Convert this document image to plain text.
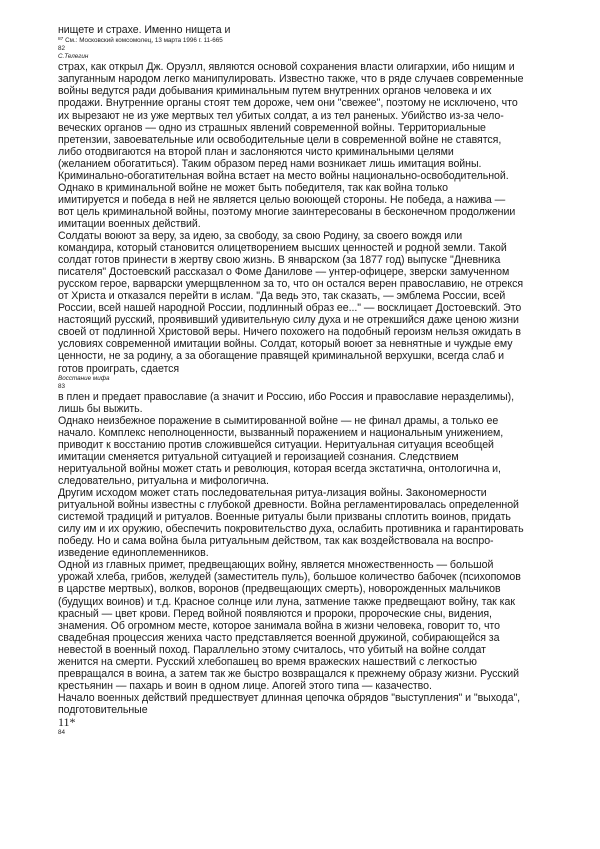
нищете и страхе. Именно нищета и
$^{87}$ См.: Московский комсомолец, 13 марта 1996 г. 11-665
82
С.Телегин
страх, как открыл Дж. Оруэлл, являются основой сохранения власти олигархии, ибо нищим и
запуганным народом легко манипулировать. Известно также, что в ряде случаев современные
войны ведутся ради добывания криминальным путем внутренних органов человека и их
продажи. Внутренние органы стоят тем дороже, чем они "свежее", поэтому не исключено, что
их вырезают не из уже мертвых тел убитых солдат, а из тел раненых. Убийство из-за чело-
веческих органов — одно из страшных явлений современной войны. Территориальные
претензии, завоевательные или освободительные цели в современной войне не ставятся,
либо отодвигаются на второй план и заслоняются чисто криминальными целями
(желанием обогатиться). Таким образом перед нами возникает лишь имитация войны.
Криминально-обогатительная война встает на место войны национально-освободительной.
Однако в криминальной войне не может быть победителя, так как война только
имитируется и победа в ней не является целью воюющей стороны. Не победа, а нажива —
вот цель криминальной войны, поэтому многие заинтересованы в бесконечном продолжении
имитации военных действий.
Солдаты воюют за веру, за идею, за свободу, за свою Родину, за своего вождя или
командира, который становится олицетворением высших ценностей и родной земли. Такой
солдат готов принести в жертву свою жизнь. В январском (за 1877 год) выпуске "Дневника
писателя" Достоевский рассказал о Фоме Данилове — унтер-офицере, зверски замученном
русском герое, варварски умерщвленном за то, что он остался верен православию, не отрекся
от Христа и отказался перейти в ислам. "Да ведь это, так сказать, — эмблема России, всей
России, всей нашей народной России, подлинный образ ее..." — восклицает Достоевский. Это
настоящий русский, проявивший удивительную силу духа и не отрекшийся даже ценою жизни
своей от подлинной Христовой веры. Ничего похожего на подобный героизм нельзя ожидать в
условиях современной имитации войны. Солдат, который воюет за невнятные и чуждые ему
ценности, не за родину, а за обогащение правящей криминальной верхушки, всегда слаб и
готов проиграть, сдается
Восстание мифа
83
в плен и предает православие (а значит и Россию, ибо Россия и православие неразделимы),
лишь бы выжить.
Однако неизбежное поражение в сымитированной войне — не финал драмы, а только ее
начало. Комплекс неполноценности, вызванный поражением и национальным унижением,
приводит к восстанию против сложившейся ситуации. Неритуальная ситуация всеобщей
имитации сменяется ритуальной ситуацией и героизацией сознания. Следствием
неритуальной войны может стать и революция, которая всегда экстатична, онтологична и,
следовательно, ритуальна и мифологична.
Другим исходом может стать последовательная ритуа-лизация войны. Закономерности
ритуальной войны известны с глубокой древности. Война регламентировалась определенной
системой традиций и ритуалов. Военные ритуалы были призваны сплотить воинов, придать
силу им и их оружию, обеспечить покровительство духа, ослабить противника и гарантировать
победу. Но и сама война была ритуальным действом, так как воздействовала на воспро-
изведение единоплеменников.
Одной из главных примет, предвещающих войну, является множественность — большой
урожай хлеба, грибов, желудей (заместитель пуль), большое количество бабочек (психопомов
в царстве мертвых), волков, воронов (предвещающих смерть), новорожденных мальчиков
(будущих воинов) и т.д. Красное солнце или луна, затмение также предвещают войну, так как
красный — цвет крови. Перед войной появляются и пророки, пророческие сны, видения,
знамения. Об огромном месте, которое занимала война в жизни человека, говорит то, что
свадебная процессия жениха часто представляется военной дружиной, собирающейся за
невестой в военный поход. Параллельно этому считалось, что убитый на войне солдат
женится на смерти. Русский хлебопашец во время вражеских нашествий с легкостью
превращался в воина, а затем так же быстро возвращался к прежнему образу жизни. Русский
крестьянин — пахарь и воин в одном лице. Апогей этого типа — казачество.
Начало военных действий предшествует длинная цепочка обрядов "выступления" и "выхода",
подготовительные
11*
84
